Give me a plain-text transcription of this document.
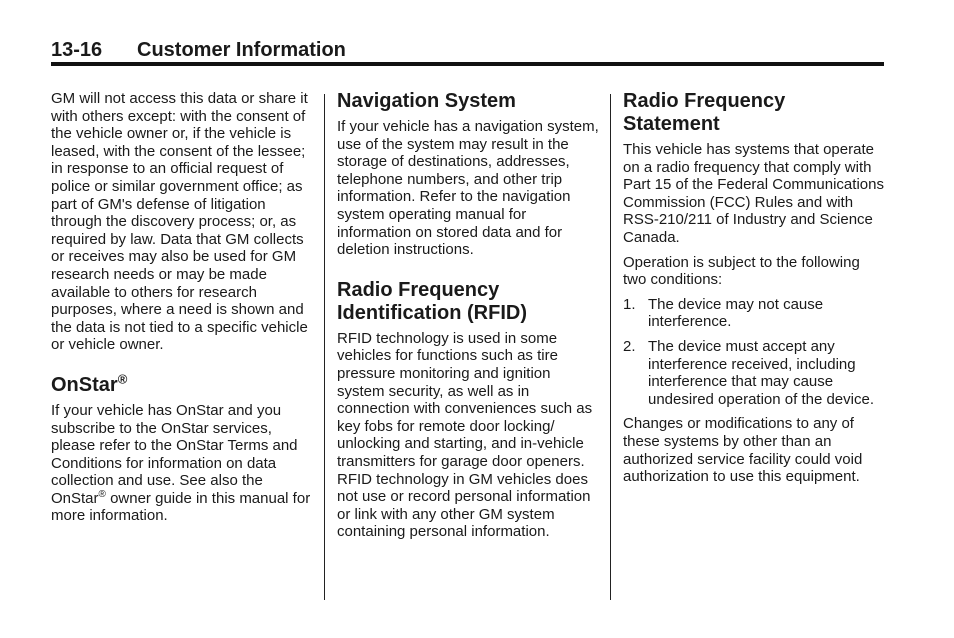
13-16 Customer Information

GM will not access this data or share it with others except: with the consent of the vehicle owner or, if the vehicle is leased, with the consent of the lessee; in response to an official request of police or similar government office; as part of GM's defense of litigation through the discovery process; or, as required by law. Data that GM collects or receives may also be used for GM research needs or may be made available to others for research purposes, where a need is shown and the data is not tied to a specific vehicle or vehicle owner.

OnStar®

If your vehicle has OnStar and you subscribe to the OnStar services, please refer to the OnStar Terms and Conditions for information on data collection and use. See also the OnStar® owner guide in this manual for more information.

Navigation System

If your vehicle has a navigation system, use of the system may result in the storage of destinations, addresses, telephone numbers, and other trip information. Refer to the navigation system operating manual for information on stored data and for deletion instructions.

Radio Frequency Identification (RFID)

RFID technology is used in some vehicles for functions such as tire pressure monitoring and ignition system security, as well as in connection with conveniences such as key fobs for remote door locking/ unlocking and starting, and in-vehicle transmitters for garage door openers. RFID technology in GM vehicles does not use or record personal information or link with any other GM system containing personal information.

Radio Frequency Statement

This vehicle has systems that operate on a radio frequency that comply with Part 15 of the Federal Communications Commission (FCC) Rules and with RSS-210/211 of Industry and Science Canada.

Operation is subject to the following two conditions:

1. The device may not cause interference.
2. The device must accept any interference received, including interference that may cause undesired operation of the device.

Changes or modifications to any of these systems by other than an authorized service facility could void authorization to use this equipment.
